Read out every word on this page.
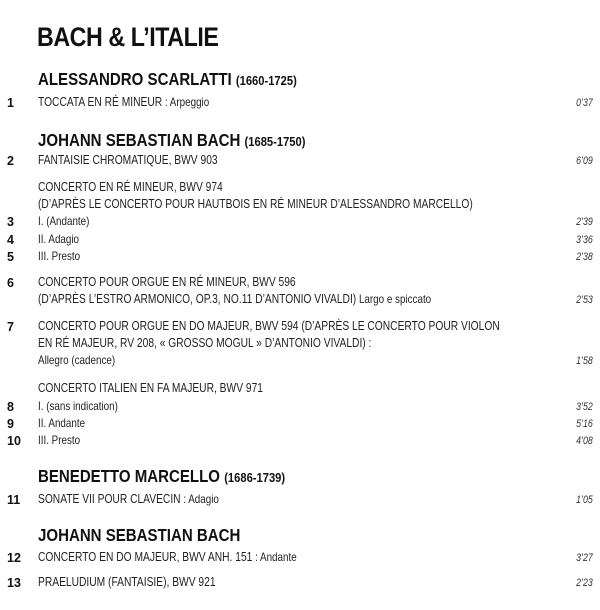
BACH & L’ITALIE
ALESSANDRO SCARLATTI (1660-1725)
1	TOCCATA EN RÉ MINEUR : Arpeggio	0’37
JOHANN SEBASTIAN BACH (1685-1750)
2	FANTAISIE CHROMATIQUE, BWV 903	6’09
CONCERTO EN RÉ MINEUR, BWV 974
(D’APRÈS LE CONCERTO POUR HAUTBOIS EN RÉ MINEUR D’ALESSANDRO MARCELLO)
3	I. (Andante)	2’39
4	II. Adagio	3’36
5	III. Presto	2’38
6	CONCERTO POUR ORGUE EN RÉ MINEUR, BWV 596
(D’APRÈS L’ESTRO ARMONICO, OP.3, NO.11 D’ANTONIO VIVALDI) Largo e spiccato	2’53
7	CONCERTO POUR ORGUE EN DO MAJEUR, BWV 594 (D’APRÈS LE CONCERTO POUR VIOLON
EN RÉ MAJEUR, RV 208, « GROSSO MOGUL » D’ANTONIO VIVALDI) :
Allegro (cadence)	1’58
CONCERTO ITALIEN EN FA MAJEUR, BWV 971
8	I. (sans indication)	3’52
9	II. Andante	5’16
10 III. Presto	4’08
BENEDETTO MARCELLO (1686-1739)
11 SONATE VII POUR CLAVECIN : Adagio	1’05
JOHANN SEBASTIAN BACH
12 CONCERTO EN DO MAJEUR, BWV ANH. 151 : Andante	3’27
13 PRAELUDIUM (FANTAISIE), BWV 921	2’23
